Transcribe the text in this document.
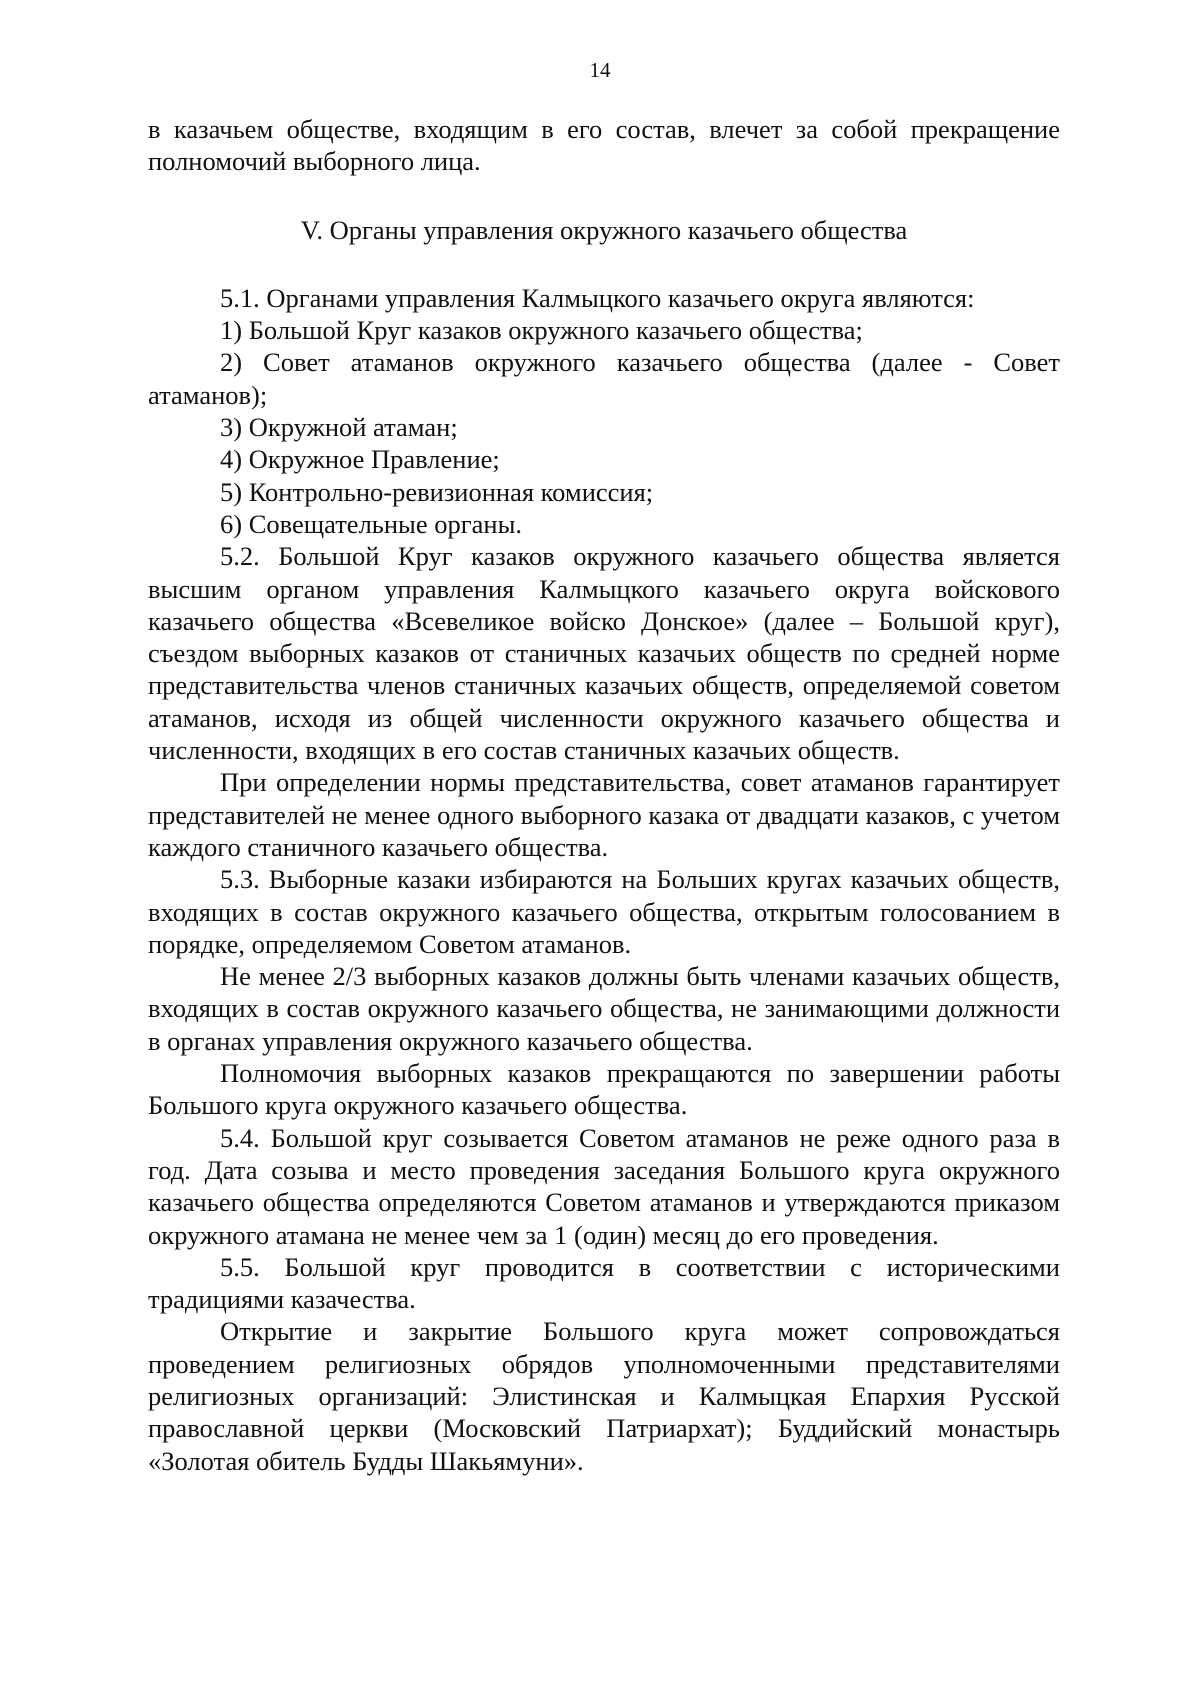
14

в казачьем обществе, входящим в его состав, влечет за собой прекращение полномочий выборного лица.

V. Органы управления окружного казачьего общества

5.1. Органами управления Калмыцкого казачьего округа являются:

1) Большой Круг казаков окружного казачьего общества;

2) Совет атаманов окружного казачьего общества (далее - Совет атаманов);

3) Окружной атаман;

4) Окружное Правление;

5) Контрольно-ревизионная комиссия;

6) Совещательные органы.

5.2. Большой Круг казаков окружного казачьего общества является высшим органом управления Калмыцкого казачьего округа войскового казачьего общества «Всевеликое войско Донское» (далее – Большой круг), съездом выборных казаков от станичных казачьих обществ по средней норме представительства членов станичных казачьих обществ, определяемой советом атаманов, исходя из общей численности окружного казачьего общества и численности, входящих в его состав станичных казачьих обществ.

При определении нормы представительства, совет атаманов гарантирует представителей не менее одного выборного казака от двадцати казаков, с учетом каждого станичного казачьего общества.

5.3. Выборные казаки избираются на Больших кругах казачьих обществ, входящих в состав окружного казачьего общества, открытым голосованием в порядке, определяемом Советом атаманов.

Не менее 2/3 выборных казаков должны быть членами казачьих обществ, входящих в состав окружного казачьего общества, не занимающими должности в органах управления окружного казачьего общества.

Полномочия выборных казаков прекращаются по завершении работы Большого круга окружного казачьего общества.

5.4. Большой круг созывается Советом атаманов не реже одного раза в год. Дата созыва и место проведения заседания Большого круга окружного казачьего общества определяются Советом атаманов и утверждаются приказом окружного атамана не менее чем за 1 (один) месяц до его проведения.

5.5. Большой круг проводится в соответствии с историческими традициями казачества.

Открытие и закрытие Большого круга может сопровождаться проведением религиозных обрядов уполномоченными представителями религиозных организаций: Элистинская и Калмыцкая Епархия Русской православной церкви (Московский Патриархат); Буддийский монастырь «Золотая обитель Будды Шакьямуни».
